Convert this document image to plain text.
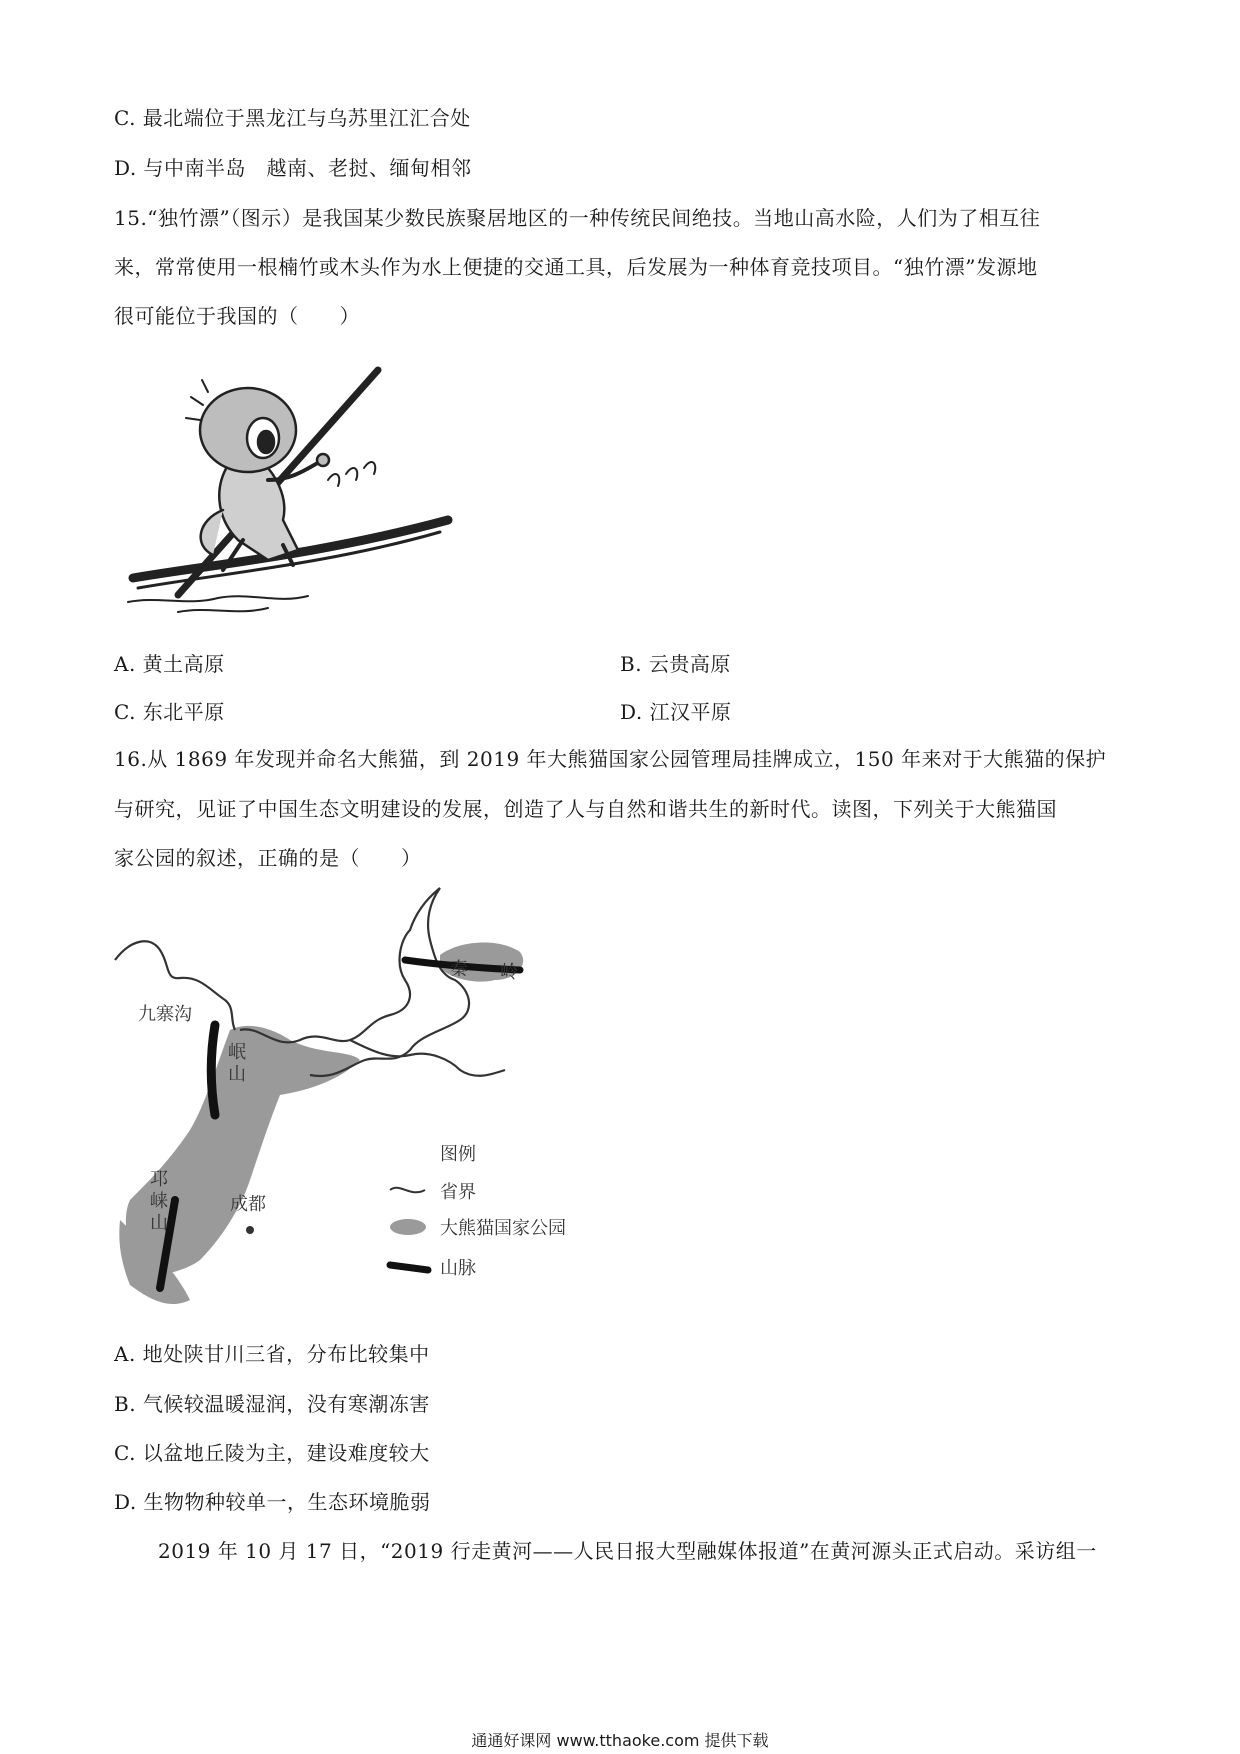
C. 最北端位于黑龙江与乌苏里江汇合处
D. 与中南半岛　越南、老挝、缅甸相邻
15.“独竹漂”（图示）是我国某少数民族聚居地区的一种传统民间绝技。当地山高水险，人们为了相互往
来，常常使用一根楠竹或木头作为水上便捷的交通工具，后发展为一种体育竞技项目。“独竹漂”发源地
很可能位于我国的（　　）
A. 黄土高原	B. 云贵高原
C. 东北平原	D. 江汉平原
16.从 1869 年发现并命名大熊猫，到 2019 年大熊猫国家公园管理局挂牌成立，150 年来对于大熊猫的保护
与研究，见证了中国生态文明建设的发展，创造了人与自然和谐共生的新时代。读图，下列关于大熊猫国
家公园的叙述，正确的是（　　）
九寨沟
岷
山
秦 岭
邛
崃
山
成都
图例
省界
大熊猫国家公园
山脉
A. 地处陕甘川三省，分布比较集中
B. 气候较温暖湿润，没有寒潮冻害
C. 以盆地丘陵为主，建设难度较大
D. 生物物种较单一，生态环境脆弱
2019 年 10 月 17 日，“2019 行走黄河——人民日报大型融媒体报道”在黄河源头正式启动。采访组一
通通好课网 www.tthaoke.com 提供下载
